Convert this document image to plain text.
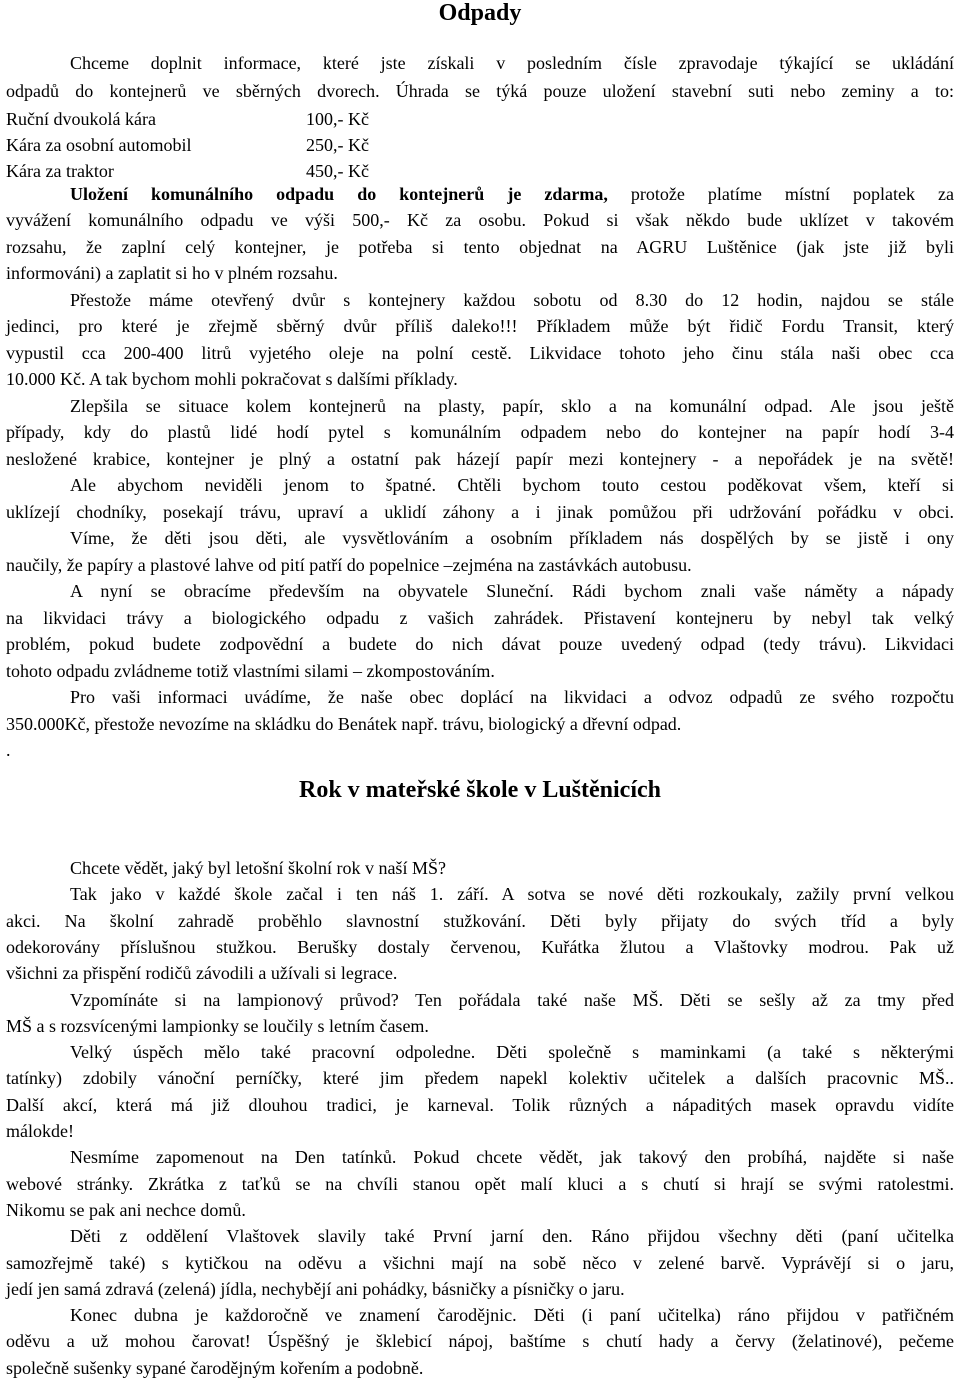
Odpady
Chceme doplnit informace, které jste získali v posledním čísle zpravodaje týkající se ukládání
odpadů do kontejnerů ve sběrných dvorech. Úhrada se týká pouze uložení stavební suti nebo zeminy a to:
Ruční dvoukolá kára	100,- Kč
Kára za osobní automobil	250,- Kč
Kára za traktor	450,- Kč
Uložení komunálního odpadu do kontejnerů je zdarma, protože platíme místní poplatek za
vyvážení komunálního odpadu ve výši 500,- Kč za osobu. Pokud si však někdo bude uklízet v takovém
rozsahu, že zaplní celý kontejner, je potřeba si tento objednat na AGRU Luštěnice (jak jste již byli
informováni) a zaplatit si ho v plném rozsahu.
Přestože máme otevřený dvůr s kontejnery každou sobotu od 8.30 do 12 hodin, najdou se stále
jedinci, pro které je zřejmě sběrný dvůr příliš daleko!!! Příkladem může být řidič Fordu Transit, který
vypustil cca 200-400 litrů vyjetého oleje na polní cestě. Likvidace tohoto jeho činu stála naši obec cca
10.000 Kč. A tak bychom mohli pokračovat s dalšími příklady.
Zlepšila se situace kolem kontejnerů na plasty, papír, sklo a na komunální odpad. Ale jsou ještě
případy, kdy do plastů lidé hodí pytel s komunálním odpadem nebo do kontejner na papír hodí 3-4
nesložené krabice, kontejner je plný a ostatní pak házejí papír mezi kontejnery - a nepořádek je na světě!
Ale abychom neviděli jenom to špatné. Chtěli bychom touto cestou poděkovat všem, kteří si
uklízejí chodníky, posekají trávu, upraví a uklidí záhony a i jinak pomůžou při udržování pořádku v obci.
Víme, že děti jsou děti, ale vysvětlováním a osobním příkladem nás dospělých by se jistě i ony
naučily, že papíry a plastové lahve od pití patří do popelnice –zejména na zastávkách autobusu.
A nyní se obracíme především na obyvatele Sluneční. Rádi bychom znali vaše náměty a nápady
na likvidaci trávy a biologického odpadu z vašich zahrádek. Přistavení kontejneru by nebyl tak velký
problém, pokud budete zodpovědní a budete do nich dávat pouze uvedený odpad (tedy trávu). Likvidaci
tohoto odpadu zvládneme totiž vlastními silami – zkompostováním.
Pro vaši informaci uvádíme, že naše obec doplácí na likvidaci a odvoz odpadů ze svého rozpočtu
350.000Kč, přestože nevozíme na skládku do Benátek např. trávu, biologický a dřevní odpad.
.
Rok v mateřské škole v Luštěnicích
Chcete vědět, jaký byl letošní školní rok v naší MŠ?
Tak jako v každé škole začal i ten náš 1. září. A sotva se nové děti rozkoukaly, zažily první velkou
akci. Na školní zahradě proběhlo slavnostní stužkování. Děti byly přijaty do svých tříd a byly
odekorovány příslušnou stužkou. Berušky dostaly červenou, Kuřátka žlutou a Vlaštovky modrou. Pak už
všichni za přispění rodičů závodili a užívali si legrace.
Vzpomínáte si na lampionový průvod? Ten pořádala také naše MŠ. Děti se sešly až za tmy před
MŠ a s rozsvícenými lampionky se loučily s letním časem.
Velký úspěch mělo také pracovní odpoledne. Děti společně s maminkami (a také s některými
tatínky) zdobily vánoční perníčky, které jim předem napekl kolektiv učitelek a dalších pracovnic MŠ..
Další akcí, která má již dlouhou tradici, je karneval. Tolik různých a nápaditých masek opravdu vidíte
málokde!
Nesmíme zapomenout na Den tatínků. Pokud chcete vědět, jak takový den probíhá, najděte si naše
webové stránky. Zkrátka z taťků se na chvíli stanou opět malí kluci a s chutí si hrají se svými ratolestmi.
Nikomu se pak ani nechce domů.
Děti z oddělení Vlaštovek slavily také První jarní den. Ráno přijdou všechny děti (paní učitelka
samozřejmě také) s kytičkou na oděvu a všichni mají na sobě něco v zelené barvě. Vyprávějí si o jaru,
jedí jen samá zdravá (zelená) jídla, nechybějí ani pohádky, básničky a písničky o jaru.
Konec dubna je každoročně ve znamení čarodějnic. Děti (i paní učitelka) ráno přijdou v patřičném
oděvu a už mohou čarovat! Úspěšný je šklebicí nápoj, baštíme s chutí hady a červy (želatinové), pečeme
společně sušenky sypané čarodějným kořením a podobně.
